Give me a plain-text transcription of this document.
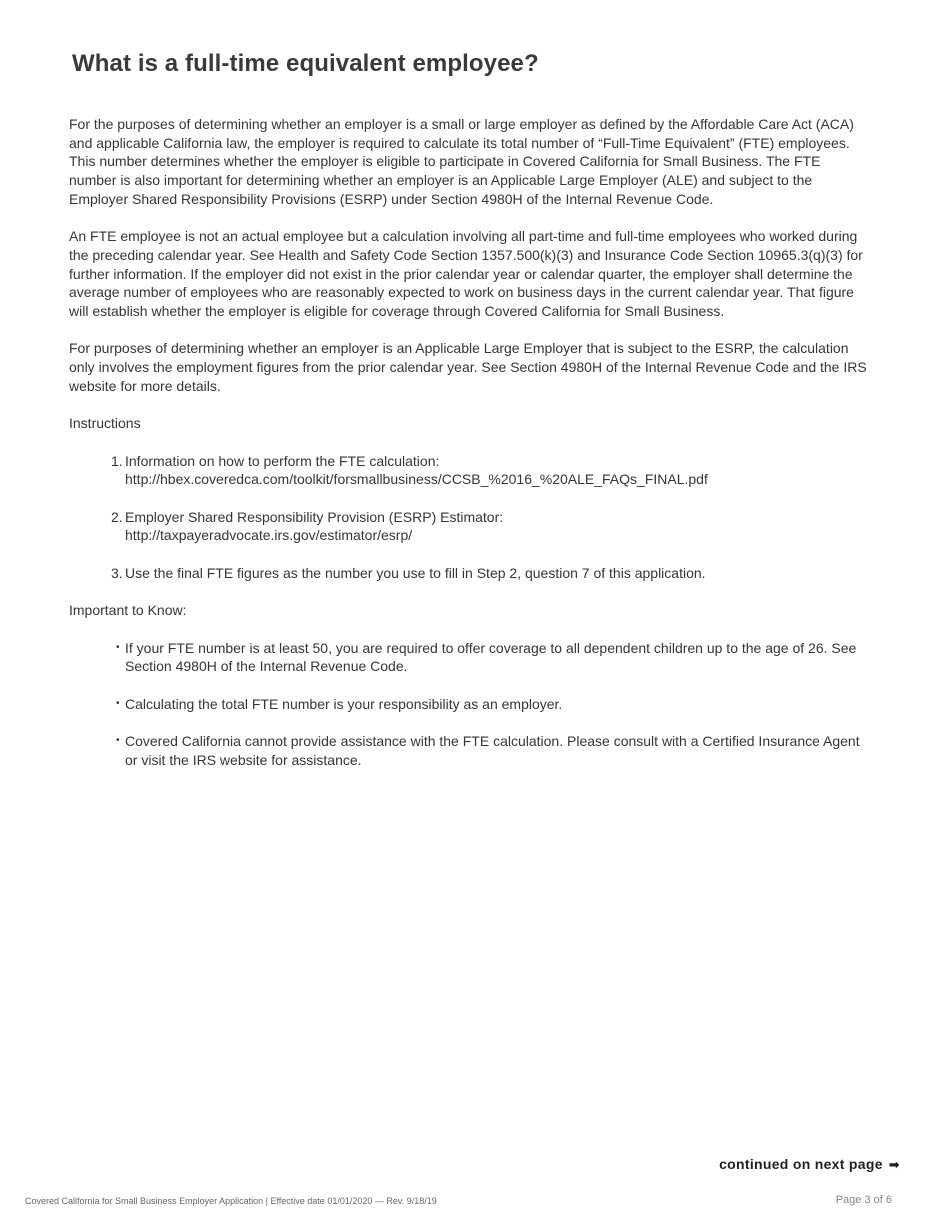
What is a full-time equivalent employee?

For the purposes of determining whether an employer is a small or large employer as defined by the Affordable Care Act (ACA) and applicable California law, the employer is required to calculate its total number of “Full-Time Equivalent” (FTE) employees. This number determines whether the employer is eligible to participate in Covered California for Small Business. The FTE number is also important for determining whether an employer is an Applicable Large Employer (ALE) and subject to the Employer Shared Responsibility Provisions (ESRP) under Section 4980H of the Internal Revenue Code.

An FTE employee is not an actual employee but a calculation involving all part-time and full-time employees who worked during the preceding calendar year. See Health and Safety Code Section 1357.500(k)(3) and Insurance Code Section 10965.3(q)(3) for further information. If the employer did not exist in the prior calendar year or calendar quarter, the employer shall determine the average number of employees who are reasonably expected to work on business days in the current calendar year. That figure will establish whether the employer is eligible for coverage through Covered California for Small Business.

For purposes of determining whether an employer is an Applicable Large Employer that is subject to the ESRP, the calculation only involves the employment figures from the prior calendar year. See Section 4980H of the Internal Revenue Code and the IRS website for more details.

Instructions
1. Information on how to perform the FTE calculation:
http://hbex.coveredca.com/toolkit/forsmallbusiness/CCSB_%2016_%20ALE_FAQs_FINAL.pdf
2. Employer Shared Responsibility Provision (ESRP) Estimator:
http://taxpayeradvocate.irs.gov/estimator/esrp/
3. Use the final FTE figures as the number you use to fill in Step 2, question 7 of this application.
Important to Know:
• If your FTE number is at least 50, you are required to offer coverage to all dependent children up to the age of 26. See Section 4980H of the Internal Revenue Code.
• Calculating the total FTE number is your responsibility as an employer.
• Covered California cannot provide assistance with the FTE calculation. Please consult with a Certified Insurance Agent or visit the IRS website for assistance.
continued on next page ➡
Covered California for Small Business Employer Application | Effective date 01/01/2020 — Rev. 9/18/19	Page 3 of 6
